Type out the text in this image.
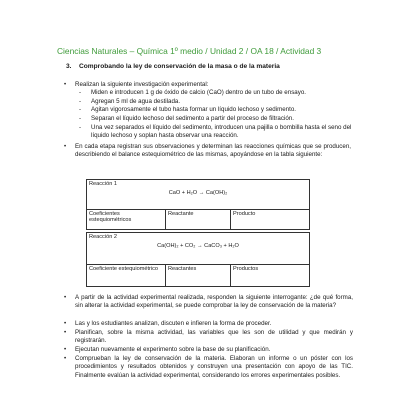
Ciencias Naturales – Química 1º medio / Unidad 2 / OA 18 / Actividad 3
3. Comprobando la ley de conservación de la masa o de la materia
• Realizan la siguiente investigación experimental:
- Miden e introducen 1 g de óxido de calcio (CaO) dentro de un tubo de ensayo.
- Agregan 5 ml de agua destilada.
- Agitan vigorosamente el tubo hasta formar un líquido lechoso y sedimento.
- Separan el líquido lechoso del sedimento a partir del proceso de filtración.
- Una vez separados el líquido del sedimento, introducen una pajilla o bombilla hasta el seno del líquido lechoso y soplan hasta observar una reacción.
• En cada etapa registran sus observaciones y determinan las reacciones químicas que se producen, describiendo el balance estequiométrico de las mismas, apoyándose en la tabla siguiente:
Reacción 1
CaO + H₂O → Ca(OH)₂

Coeficientes estequiométricos	Reactante	Producto
Reacción 2
Ca(OH)₂ + CO₂ → CaCO₃ + H₂O

Coeficiente estequiométrico	Reactantes	Productos
• A partir de la actividad experimental realizada, responden la siguiente interrogante: ¿de qué forma, sin alterar la actividad experimental, se puede comprobar la ley de conservación de la materia?
• Las y los estudiantes analizan, discuten e infieren la forma de proceder.
• Planifican, sobre la misma actividad, las variables que les son de utilidad y que medirán y registrarán.
• Ejecutan nuevamente el experimento sobre la base de su planificación.
• Comprueban la ley de conservación de la materia. Elaboran un informe o un póster con los procedimientos y resultados obtenidos y construyen una presentación con apoyo de las TIC. Finalmente evalúan la actividad experimental, considerando los errores experimentales posibles.
